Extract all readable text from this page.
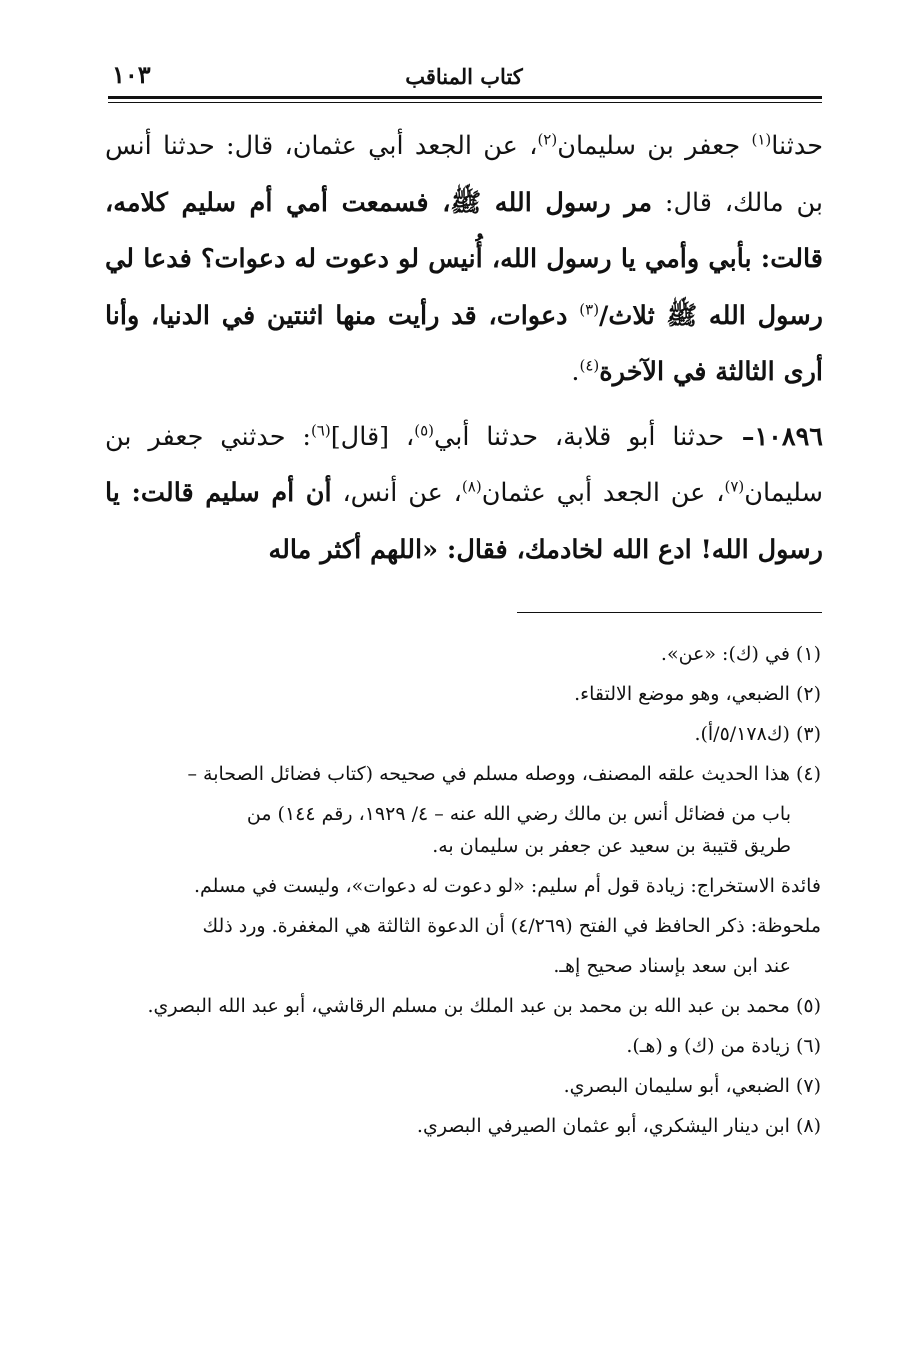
كتاب المناقب
١٠٣

حدثنا$^{(١)}$ جعفر بن سليمان$^{(٢)}$، عن الجعد أبي عثمان، قال: حدثنا أنس بن مالك، قال: مر رسول الله ﷺ، فسمعت أمي أم سليم كلامه، قالت: بأبي وأمي يا رسول الله، أُنيس لو دعوت له دعوات؟ فدعا لي رسول الله ﷺ ثلاث/$^{(٣)}$ دعوات، قد رأيت منها اثنتين في الدنيا، وأنا أرى الثالثة في الآخرة$^{(٤)}$.

١٠٨٩٦– حدثنا أبو قلابة، حدثنا أبي$^{(٥)}$، [قال]$^{(٦)}$: حدثني جعفر بن سليمان$^{(٧)}$، عن الجعد أبي عثمان$^{(٨)}$، عن أنس، أن أم سليم قالت: يا رسول الله! ادع الله لخادمك، فقال: «اللهم أكثر ماله

(١) في (ك): «عن».

(٢) الضبعي، وهو موضع الالتقاء.

(٣) (ك٥/١٧٨/أ).

(٤) هذا الحديث علقه المصنف، ووصله مسلم في صحيحه (كتاب فضائل الصحابة –

باب من فضائل أنس بن مالك رضي الله عنه – ٤/ ١٩٢٩، رقم ١٤٤) من
طريق قتيبة بن سعيد عن جعفر بن سليمان به.

فائدة الاستخراج: زيادة قول أم سليم: «لو دعوت له دعوات»، وليست في مسلم.

ملحوظة: ذكر الحافظ في الفتح (٤/٢٦٩) أن الدعوة الثالثة هي المغفرة. ورد ذلك

عند ابن سعد بإسناد صحيح إهـ.

(٥) محمد بن عبد الله بن محمد بن عبد الملك بن مسلم الرقاشي، أبو عبد الله البصري.

(٦) زيادة من (ك) و (هـ).

(٧) الضبعي، أبو سليمان البصري.

(٨) ابن دينار اليشكري، أبو عثمان الصيرفي البصري.
